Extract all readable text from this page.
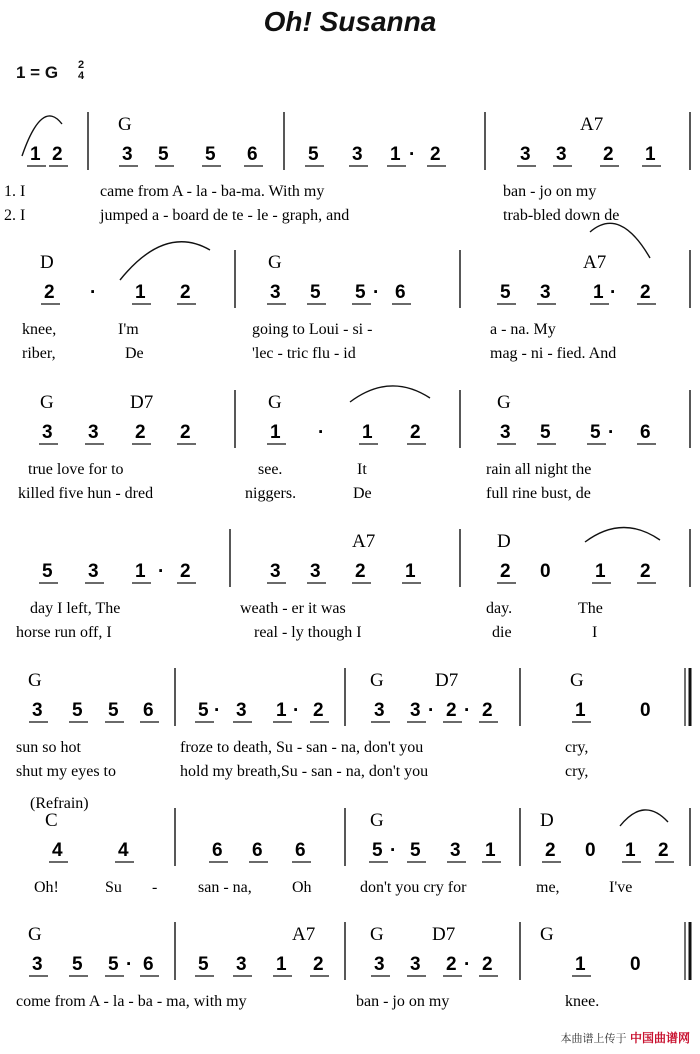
Oh! Susanna
1 = G 2
4
G	A7
1 2	3 5 5 6	5 3 1 · 2	3 3 2 1
1. I	came from A - la - ba-ma. With my	ban - jo on my
2. I	jumped a - board de te - le - graph, and	trab-bled down de
D	G	A7
2 · 1 2	3 5 5 · 6	5 3 1 · 2
knee,	I'm	going to Loui - si -	a - na. My
riber,	De	'lec - tric flu - id	mag - ni - fied. And
G	D7	G	G
3 3 2 2	1 · 1 2	3 5 5 · 6
true love for to	see.	It	rain all night the
killed five hun - dred	niggers.	De	full rine bust, de
A7	D
5 3 1 · 2	3 3 2 1	2 0 1 2
day I left, The	weath - er it was	day.	The
horse run off, I	real - ly though I	die	I
G	G	D7	G
3 5 5 6 5 · 3 1 · 2	3 3 · 2 · 2	1	0
sun so hot	froze to death, Su - san - na, don't you	cry,
shut my eyes to	hold my breath,Su - san - na, don't you	cry,
C	G	D
4	4	6 6 6	5 · 5 3 1	2 0 1 2
Oh!	Su -	san - na,	Oh	don't you cry for	me,	I've
G	A7	G	D7	G
3 5 5 · 6 5 3 1 2	3 3 2 · 2	1 0
come from A - la - ba - ma, with my	ban - jo on my	knee.
(Refrain)
本曲谱上传于 中国曲谱网
